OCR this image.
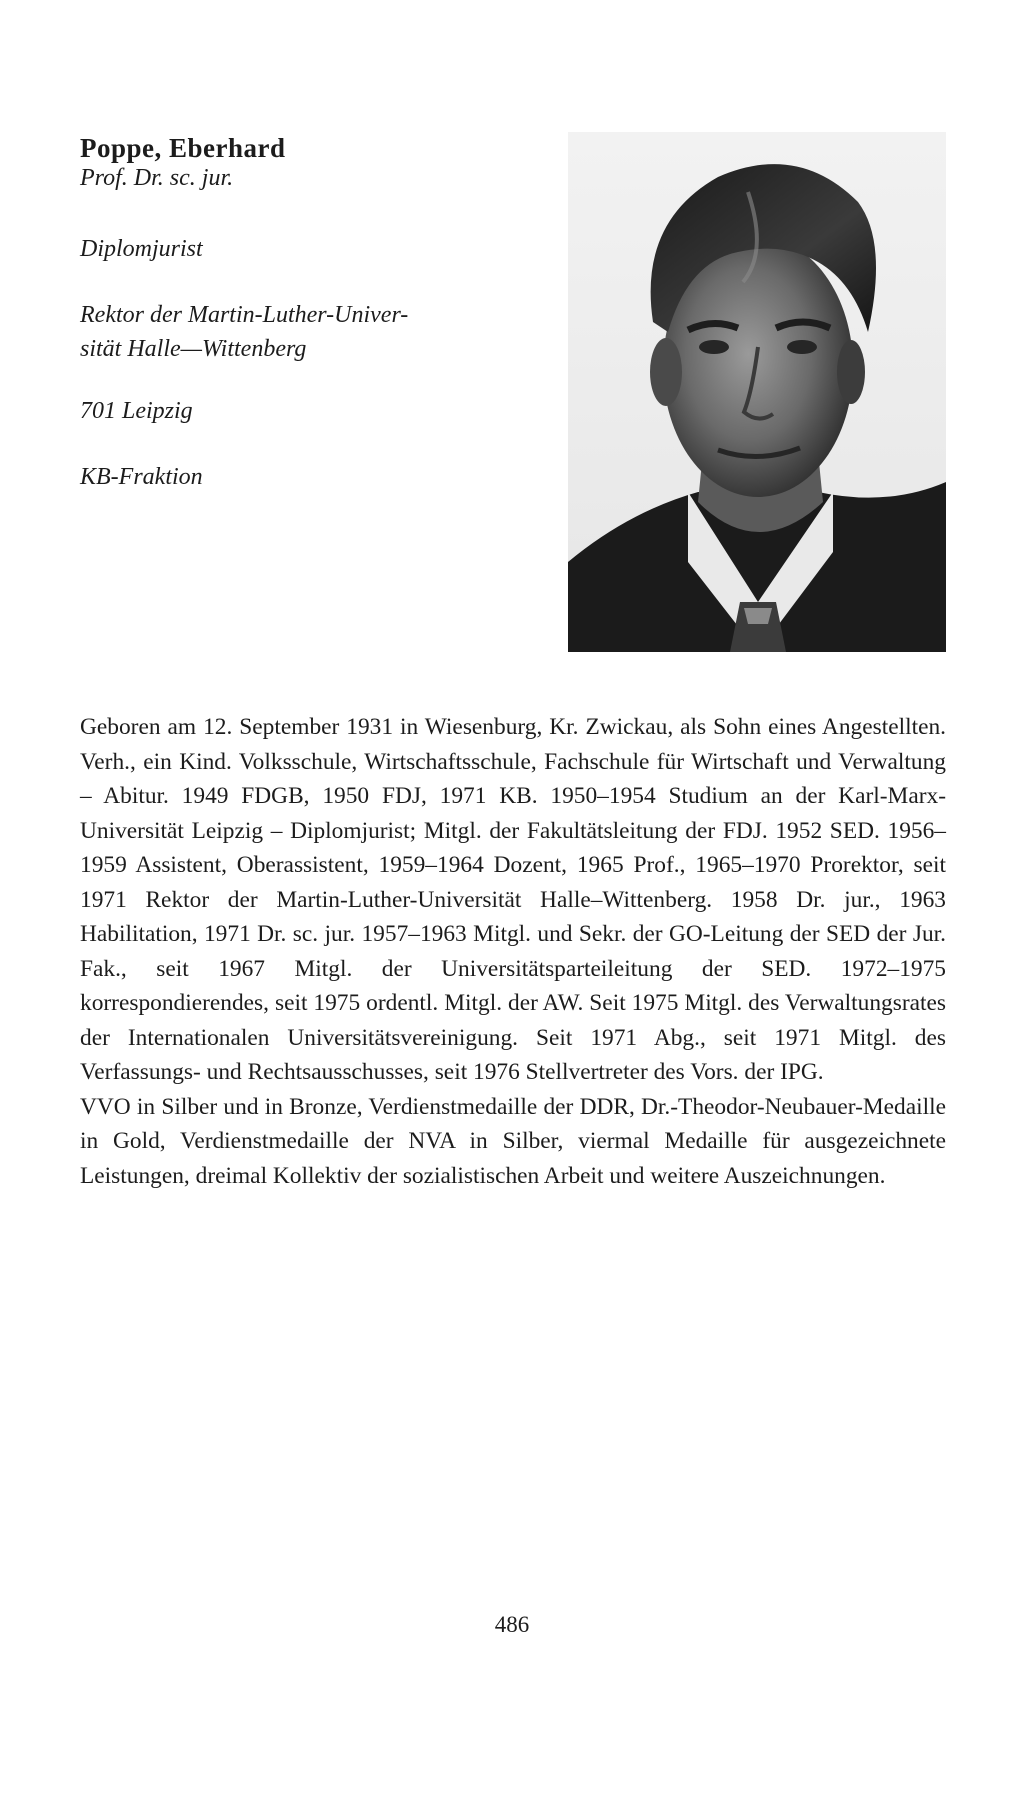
Poppe, Eberhard

Prof. Dr. sc. jur.

Diplomjurist

Rektor der Martin-Luther-Univer-
sität Halle—Wittenberg

701 Leipzig

KB-Fraktion

Geboren am 12. September 1931 in Wiesenburg, Kr. Zwickau, als Sohn eines Angestellten. Verh., ein Kind. Volksschule, Wirtschaftsschule, Fachschule für Wirtschaft und Verwaltung – Abitur. 1949 FDGB, 1950 FDJ, 1971 KB. 1950–1954 Studium an der Karl-Marx-Universität Leipzig – Diplomjurist; Mitgl. der Fakultätsleitung der FDJ. 1952 SED. 1956–1959 Assistent, Oberassistent, 1959–1964 Dozent, 1965 Prof., 1965–1970 Prorektor, seit 1971 Rektor der Martin-Luther-Universität Halle–Wittenberg. 1958 Dr. jur., 1963 Habilitation, 1971 Dr. sc. jur. 1957–1963 Mitgl. und Sekr. der GO-Leitung der SED der Jur. Fak., seit 1967 Mitgl. der Universitätsparteileitung der SED. 1972–1975 korrespondierendes, seit 1975 ordentl. Mitgl. der AW. Seit 1975 Mitgl. des Verwaltungsrates der Internationalen Universitätsvereinigung. Seit 1971 Abg., seit 1971 Mitgl. des Verfassungs- und Rechtsausschusses, seit 1976 Stellvertreter des Vors. der IPG.

VVO in Silber und in Bronze, Verdienstmedaille der DDR, Dr.-Theodor-Neubauer-Medaille in Gold, Verdienstmedaille der NVA in Silber, viermal Medaille für ausgezeichnete Leistungen, dreimal Kollektiv der sozialistischen Arbeit und weitere Auszeichnungen.

486
